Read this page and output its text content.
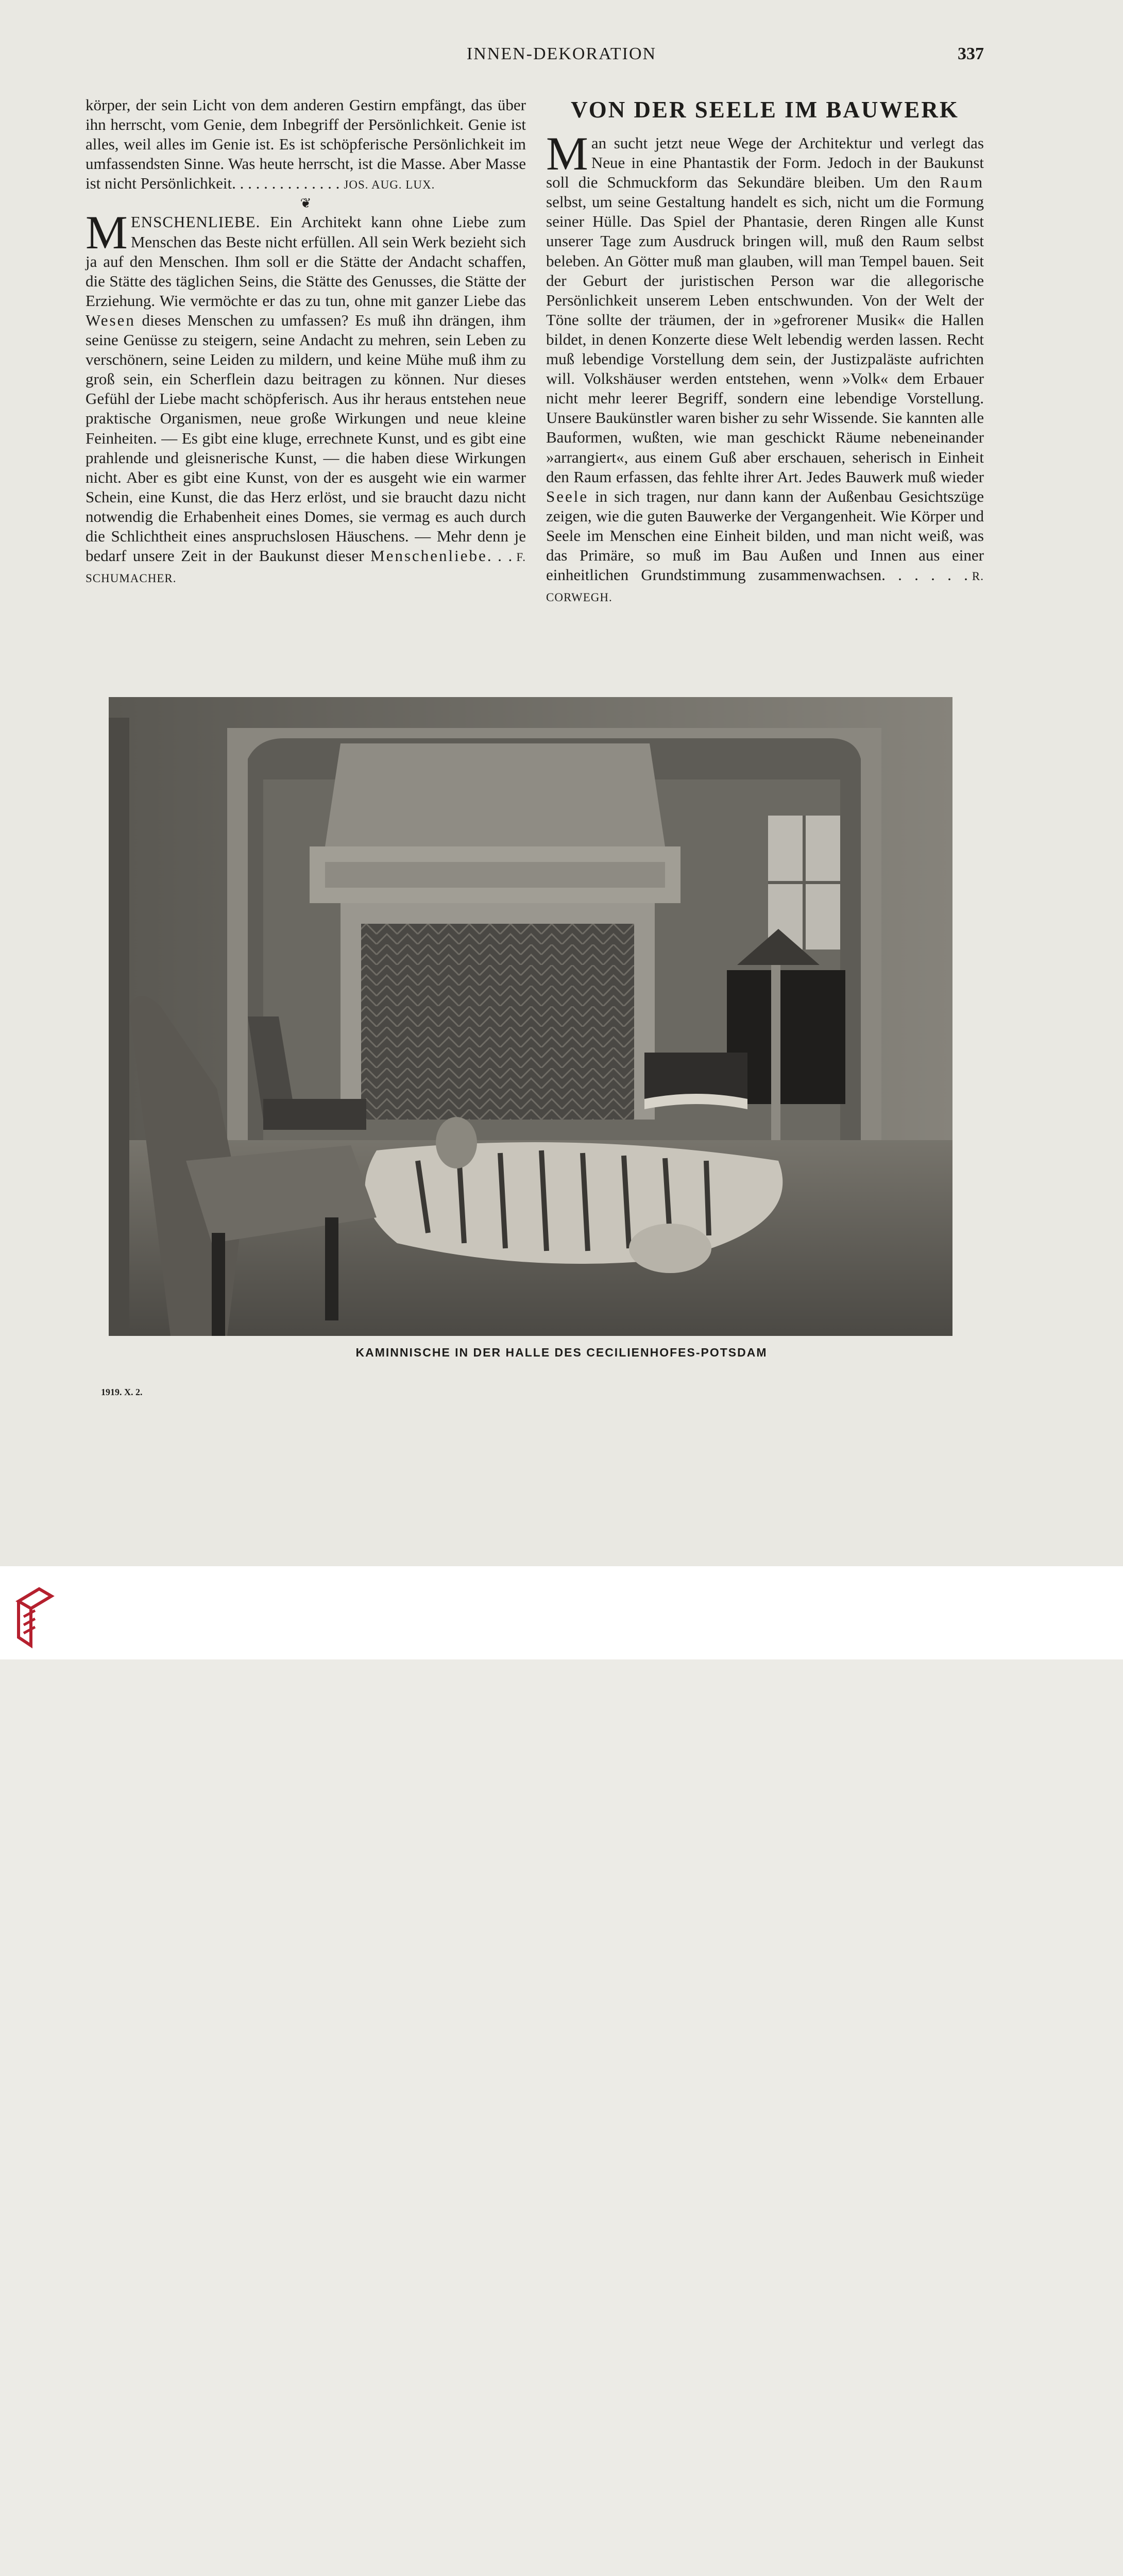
INNEN-DEKORATION	337

körper, der sein Licht von dem anderen Gestirn empfängt, das über ihn herrscht, vom Genie, dem Inbegriff der Persönlichkeit. Genie ist alles, weil alles im Genie ist. Es ist schöpferische Persönlichkeit im umfassendsten Sinne. Was heute herrscht, ist die Masse. Aber Masse ist nicht Persönlichkeit. . . . . . . . . . . . . . JOS. AUG. LUX.

❦

MENSCHENLIEBE. Ein Architekt kann ohne Liebe zum Menschen das Beste nicht erfüllen. All sein Werk bezieht sich ja auf den Menschen. Ihm soll er die Stätte der Andacht schaffen, die Stätte des täglichen Seins, die Stätte des Genusses, die Stätte der Erziehung. Wie vermöchte er das zu tun, ohne mit ganzer Liebe das Wesen dieses Menschen zu umfassen? Es muß ihn drängen, ihm seine Genüsse zu steigern, seine Andacht zu mehren, sein Leben zu verschönern, seine Leiden zu mildern, und keine Mühe muß ihm zu groß sein, ein Scherflein dazu beitragen zu können. Nur dieses Gefühl der Liebe macht schöpferisch. Aus ihr heraus entstehen neue praktische Organismen, neue große Wirkungen und neue kleine Feinheiten. — Es gibt eine kluge, errechnete Kunst, und es gibt eine prahlende und gleisnerische Kunst, — die haben diese Wirkungen nicht. Aber es gibt eine Kunst, von der es ausgeht wie ein warmer Schein, eine Kunst, die das Herz erlöst, und sie braucht dazu nicht notwendig die Erhabenheit eines Domes, sie vermag es auch durch die Schlichtheit eines anspruchslosen Häuschens. — Mehr denn je bedarf unsere Zeit in der Baukunst dieser Menschenliebe. . . F. SCHUMACHER.

VON DER SEELE IM BAUWERK

Man sucht jetzt neue Wege der Architektur und verlegt das Neue in eine Phantastik der Form. Jedoch in der Baukunst soll die Schmuckform das Sekundäre bleiben. Um den Raum selbst, um seine Gestaltung handelt es sich, nicht um die Formung seiner Hülle. Das Spiel der Phantasie, deren Ringen alle Kunst unserer Tage zum Ausdruck bringen will, muß den Raum selbst beleben. An Götter muß man glauben, will man Tempel bauen. Seit der Geburt der juristischen Person war die allegorische Persönlichkeit unserem Leben entschwunden. Von der Welt der Töne sollte der träumen, der in »gefrorener Musik« die Hallen bildet, in denen Konzerte diese Welt lebendig werden lassen. Recht muß lebendige Vorstellung dem sein, der Justizpaläste aufrichten will. Volkshäuser werden entstehen, wenn »Volk« dem Erbauer nicht mehr leerer Begriff, sondern eine lebendige Vorstellung. Unsere Baukünstler waren bisher zu sehr Wissende. Sie kannten alle Bauformen, wußten, wie man geschickt Räume nebeneinander »arrangiert«, aus einem Guß aber erschauen, seherisch in Einheit den Raum erfassen, das fehlte ihrer Art. Jedes Bauwerk muß wieder Seele in sich tragen, nur dann kann der Außenbau Gesichtszüge zeigen, wie die guten Bauwerke der Vergangenheit. Wie Körper und Seele im Menschen eine Einheit bilden, und man nicht weiß, was das Primäre, so muß im Bau Außen und Innen aus einer einheitlichen Grundstimmung zusammenwachsen. . . . . . R. CORWEGH.

KAMINNISCHE IN DER HALLE DES CECILIENHOFES-POTSDAM
1919. X. 2.
